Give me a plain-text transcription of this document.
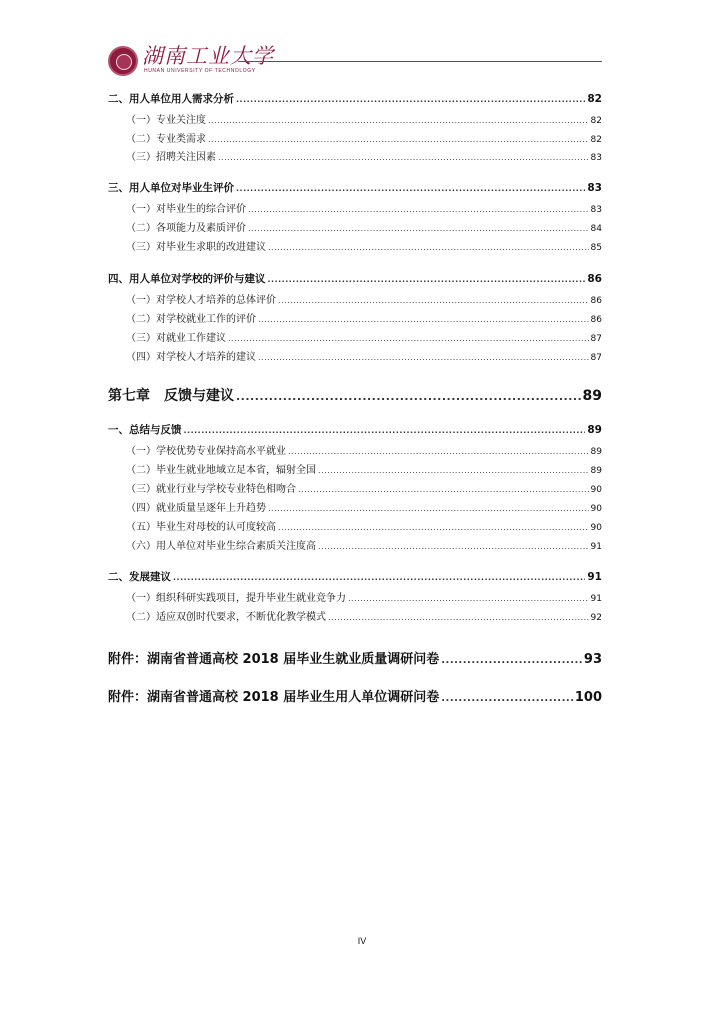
湖南工业大学
HUNAN UNIVERSITY OF TECHNOLOGY
二、用人单位用人需求分析 .....	82
（一）专业关注度 .....	82
（二）专业类需求 .....	82
（三）招聘关注因素 .....	83
三、用人单位对毕业生评价 .....	83
（一）对毕业生的综合评价 .....	83
（二）各项能力及素质评价 .....	84
（三）对毕业生求职的改进建议 .....	85
四、用人单位对学校的评价与建议 .....	86
（一）对学校人才培养的总体评价 .....	86
（二）对学校就业工作的评价 .....	86
（三）对就业工作建议 .....	87
（四）对学校人才培养的建议 .....	87
第七章 反馈与建议 .....	89
一、总结与反馈 .....	89
（一）学校优势专业保持高水平就业 .....	89
（二）毕业生就业地域立足本省，辐射全国 .....	89
（三）就业行业与学校专业特色相吻合 .....	90
（四）就业质量呈逐年上升趋势 .....	90
（五）毕业生对母校的认可度较高 .....	90
（六）用人单位对毕业生综合素质关注度高 .....	91
二、发展建议 .....	91
（一）组织科研实践项目，提升毕业生就业竞争力 .....	91
（二）适应双创时代要求，不断优化教学模式 .....	92
附件：湖南省普通高校 2018 届毕业生就业质量调研问卷 .....	93
附件：湖南省普通高校 2018 届毕业生用人单位调研问卷 .....	100
IV
